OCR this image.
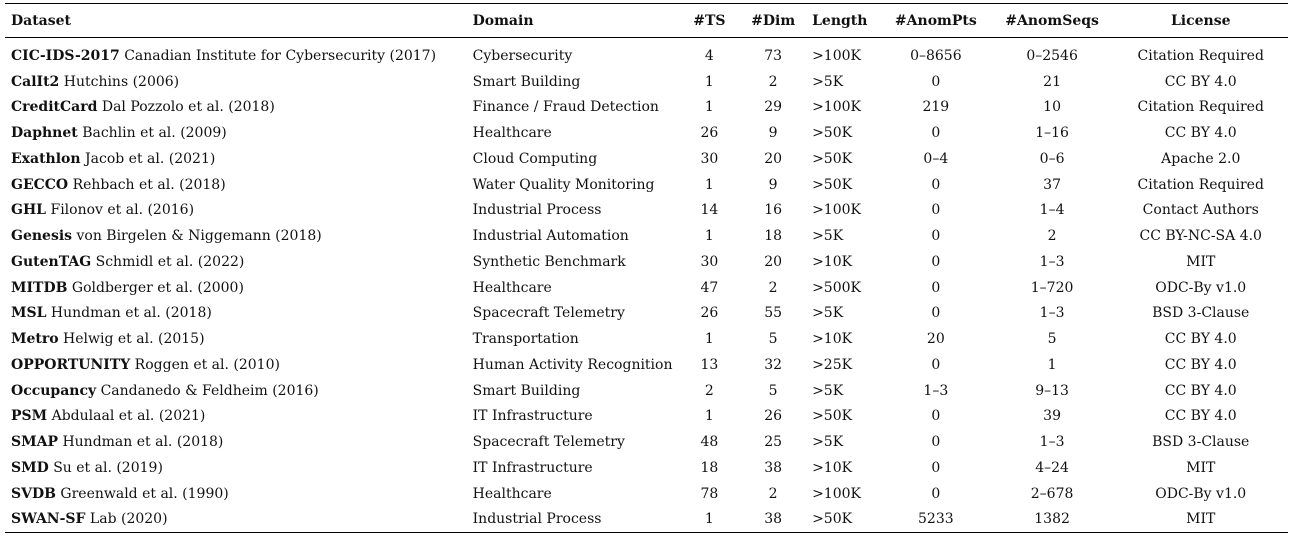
Dataset	Domain	#TS	#Dim	Length	#AnomPts	#AnomSeqs	License
CIC-IDS-2017 Canadian Institute for Cybersecurity (2017)	Cybersecurity	4	73	>100K	0–8656	0–2546	Citation Required
CalIt2 Hutchins (2006)	Smart Building	1	2	>5K	0	21	CC BY 4.0
CreditCard Dal Pozzolo et al. (2018)	Finance / Fraud Detection	1	29	>100K	219	10	Citation Required
Daphnet Bachlin et al. (2009)	Healthcare	26	9	>50K	0	1–16	CC BY 4.0
Exathlon Jacob et al. (2021)	Cloud Computing	30	20	>50K	0–4	0–6	Apache 2.0
GECCO Rehbach et al. (2018)	Water Quality Monitoring	1	9	>50K	0	37	Citation Required
GHL Filonov et al. (2016)	Industrial Process	14	16	>100K	0	1–4	Contact Authors
Genesis von Birgelen & Niggemann (2018)	Industrial Automation	1	18	>5K	0	2	CC BY-NC-SA 4.0
GutenTAG Schmidl et al. (2022)	Synthetic Benchmark	30	20	>10K	0	1–3	MIT
MITDB Goldberger et al. (2000)	Healthcare	47	2	>500K	0	1–720	ODC-By v1.0
MSL Hundman et al. (2018)	Spacecraft Telemetry	26	55	>5K	0	1–3	BSD 3-Clause
Metro Helwig et al. (2015)	Transportation	1	5	>10K	20	5	CC BY 4.0
OPPORTUNITY Roggen et al. (2010)	Human Activity Recognition	13	32	>25K	0	1	CC BY 4.0
Occupancy Candanedo & Feldheim (2016)	Smart Building	2	5	>5K	1–3	9–13	CC BY 4.0
PSM Abdulaal et al. (2021)	IT Infrastructure	1	26	>50K	0	39	CC BY 4.0
SMAP Hundman et al. (2018)	Spacecraft Telemetry	48	25	>5K	0	1–3	BSD 3-Clause
SMD Su et al. (2019)	IT Infrastructure	18	38	>10K	0	4–24	MIT
SVDB Greenwald et al. (1990)	Healthcare	78	2	>100K	0	2–678	ODC-By v1.0
SWAN-SF Lab (2020)	Industrial Process	1	38	>50K	5233	1382	MIT
